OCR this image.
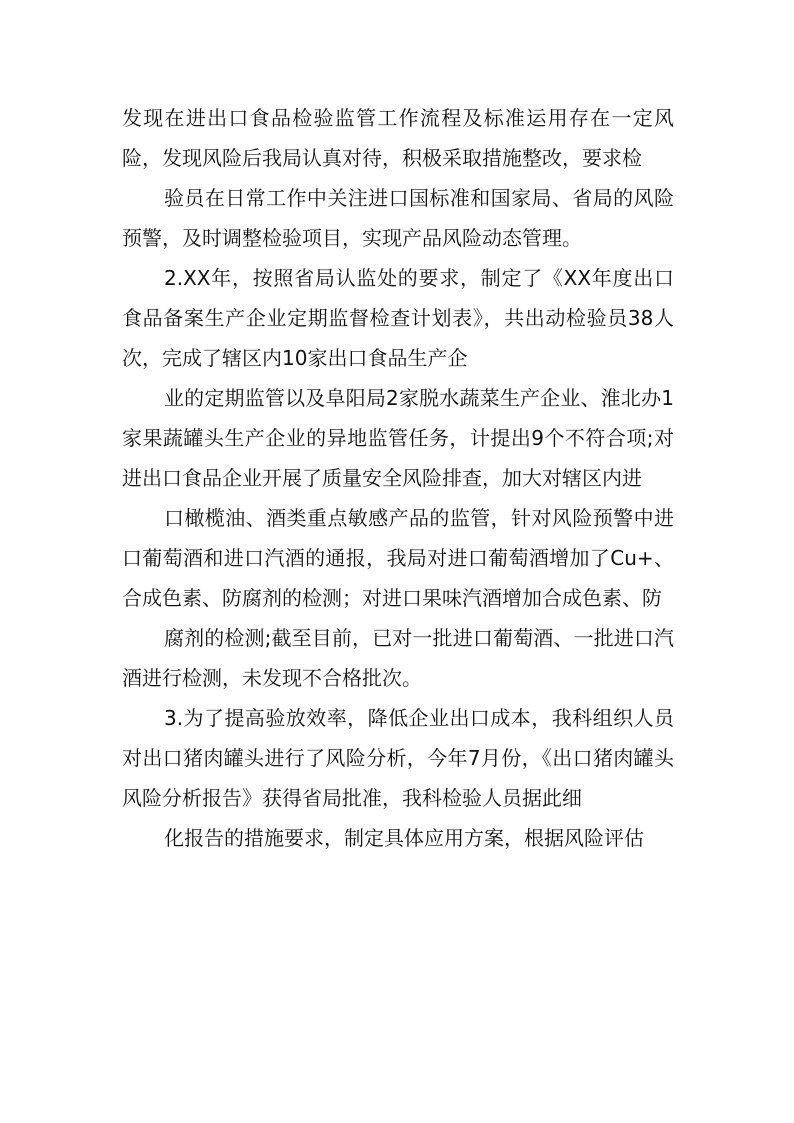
发现在进出口食品检验监管工作流程及标准运用存在一定风险，发现风险后我局认真对待，积极采取措施整改，要求检

验员在日常工作中关注进口国标准和国家局、省局的风险预警，及时调整检验项目，实现产品风险动态管理。

2.XX年，按照省局认监处的要求，制定了《XX年度出口食品备案生产企业定期监督检查计划表》，共出动检验员38人次，完成了辖区内10家出口食品生产企

业的定期监管以及阜阳局2家脱水蔬菜生产企业、淮北办1家果蔬罐头生产企业的异地监管任务，计提出9个不符合项;对进出口食品企业开展了质量安全风险排查，加大对辖区内进

口橄榄油、酒类重点敏感产品的监管，针对风险预警中进口葡萄酒和进口汽酒的通报，我局对进口葡萄酒增加了Cu+、合成色素、防腐剂的检测；对进口果味汽酒增加合成色素、防

腐剂的检测;截至目前，已对一批进口葡萄酒、一批进口汽酒进行检测，未发现不合格批次。

3.为了提高验放效率，降低企业出口成本，我科组织人员对出口猪肉罐头进行了风险分析，今年7月份，《出口猪肉罐头风险分析报告》获得省局批准，我科检验人员据此细

化报告的措施要求，制定具体应用方案，根据风险评估
